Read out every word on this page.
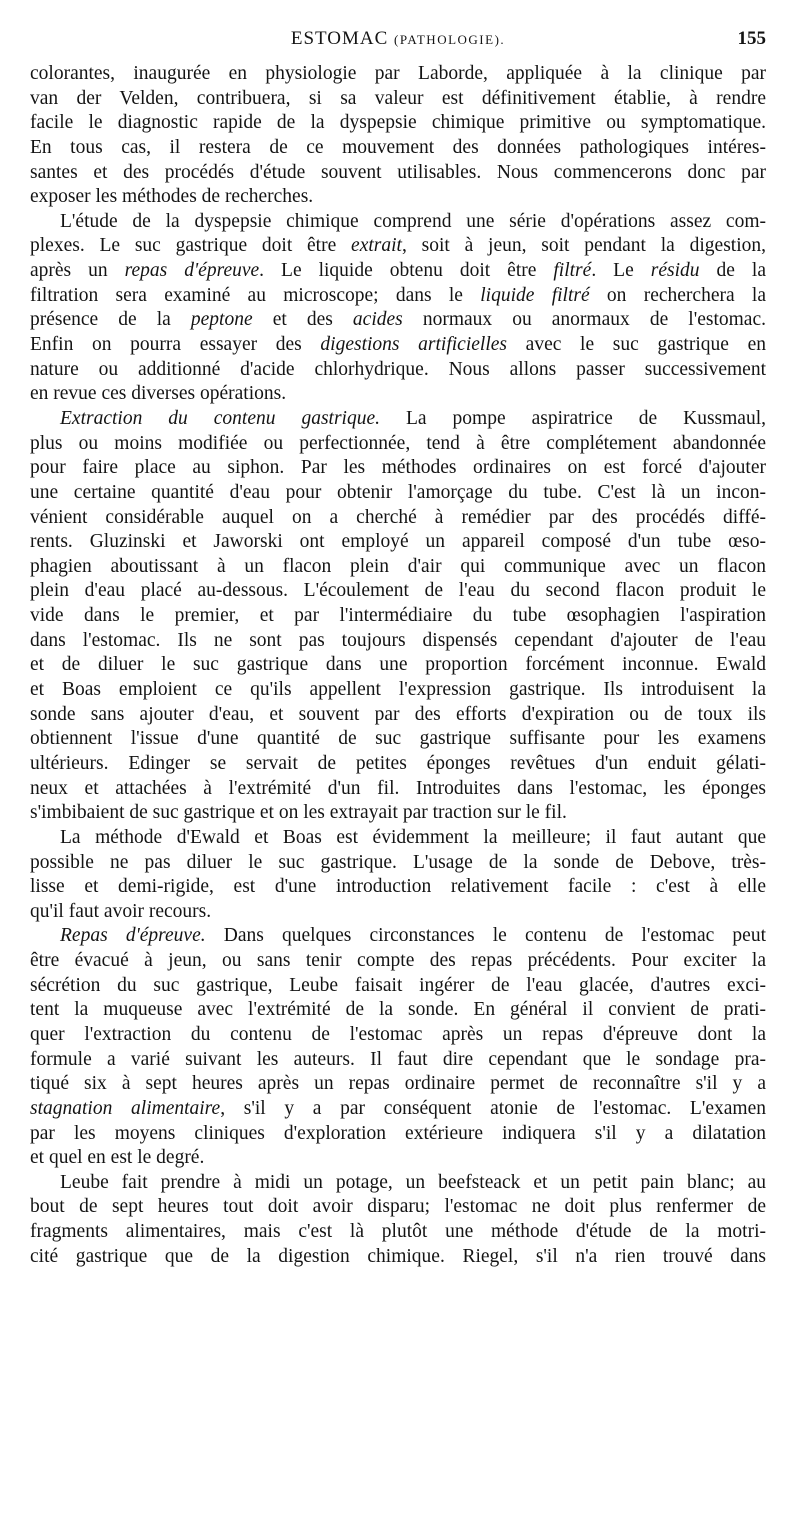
ESTOMAC (PATHOLOGIE).	155
colorantes, inaugurée en physiologie par Laborde, appliquée à la clinique par
van der Velden, contribuera, si sa valeur est définitivement établie, à rendre
facile le diagnostic rapide de la dyspepsie chimique primitive ou symptomatique.
En tous cas, il restera de ce mouvement des données pathologiques intéres-
santes et des procédés d'étude souvent utilisables. Nous commencerons donc par
exposer les méthodes de recherches.
L'étude de la dyspepsie chimique comprend une série d'opérations assez com-
plexes. Le suc gastrique doit être extrait, soit à jeun, soit pendant la digestion,
après un repas d'épreuve. Le liquide obtenu doit être filtré. Le résidu de la
filtration sera examiné au microscope; dans le liquide filtré on recherchera la
présence de la peptone et des acides normaux ou anormaux de l'estomac.
Enfin on pourra essayer des digestions artificielles avec le suc gastrique en
nature ou additionné d'acide chlorhydrique. Nous allons passer successivement
en revue ces diverses opérations.
Extraction du contenu gastrique. La pompe aspiratrice de Kussmaul,
plus ou moins modifiée ou perfectionnée, tend à être complétement abandonnée
pour faire place au siphon. Par les méthodes ordinaires on est forcé d'ajouter
une certaine quantité d'eau pour obtenir l'amorçage du tube. C'est là un incon-
vénient considérable auquel on a cherché à remédier par des procédés diffé-
rents. Gluzinski et Jaworski ont employé un appareil composé d'un tube œso-
phagien aboutissant à un flacon plein d'air qui communique avec un flacon
plein d'eau placé au-dessous. L'écoulement de l'eau du second flacon produit le
vide dans le premier, et par l'intermédiaire du tube œsophagien l'aspiration
dans l'estomac. Ils ne sont pas toujours dispensés cependant d'ajouter de l'eau
et de diluer le suc gastrique dans une proportion forcément inconnue. Ewald
et Boas emploient ce qu'ils appellent l'expression gastrique. Ils introduisent la
sonde sans ajouter d'eau, et souvent par des efforts d'expiration ou de toux ils
obtiennent l'issue d'une quantité de suc gastrique suffisante pour les examens
ultérieurs. Edinger se servait de petites éponges revêtues d'un enduit gélati-
neux et attachées à l'extrémité d'un fil. Introduites dans l'estomac, les éponges
s'imbibaient de suc gastrique et on les extrayait par traction sur le fil.
La méthode d'Ewald et Boas est évidemment la meilleure; il faut autant que
possible ne pas diluer le suc gastrique. L'usage de la sonde de Debove, très-
lisse et demi-rigide, est d'une introduction relativement facile : c'est à elle
qu'il faut avoir recours.
Repas d'épreuve. Dans quelques circonstances le contenu de l'estomac peut
être évacué à jeun, ou sans tenir compte des repas précédents. Pour exciter la
sécrétion du suc gastrique, Leube faisait ingérer de l'eau glacée, d'autres exci-
tent la muqueuse avec l'extrémité de la sonde. En général il convient de prati-
quer l'extraction du contenu de l'estomac après un repas d'épreuve dont la
formule a varié suivant les auteurs. Il faut dire cependant que le sondage pra-
tiqué six à sept heures après un repas ordinaire permet de reconnaître s'il y a
stagnation alimentaire, s'il y a par conséquent atonie de l'estomac. L'examen
par les moyens cliniques d'exploration extérieure indiquera s'il y a dilatation
et quel en est le degré.
Leube fait prendre à midi un potage, un beefsteack et un petit pain blanc; au
bout de sept heures tout doit avoir disparu; l'estomac ne doit plus renfermer de
fragments alimentaires, mais c'est là plutôt une méthode d'étude de la motri-
cité gastrique que de la digestion chimique. Riegel, s'il n'a rien trouvé dans
